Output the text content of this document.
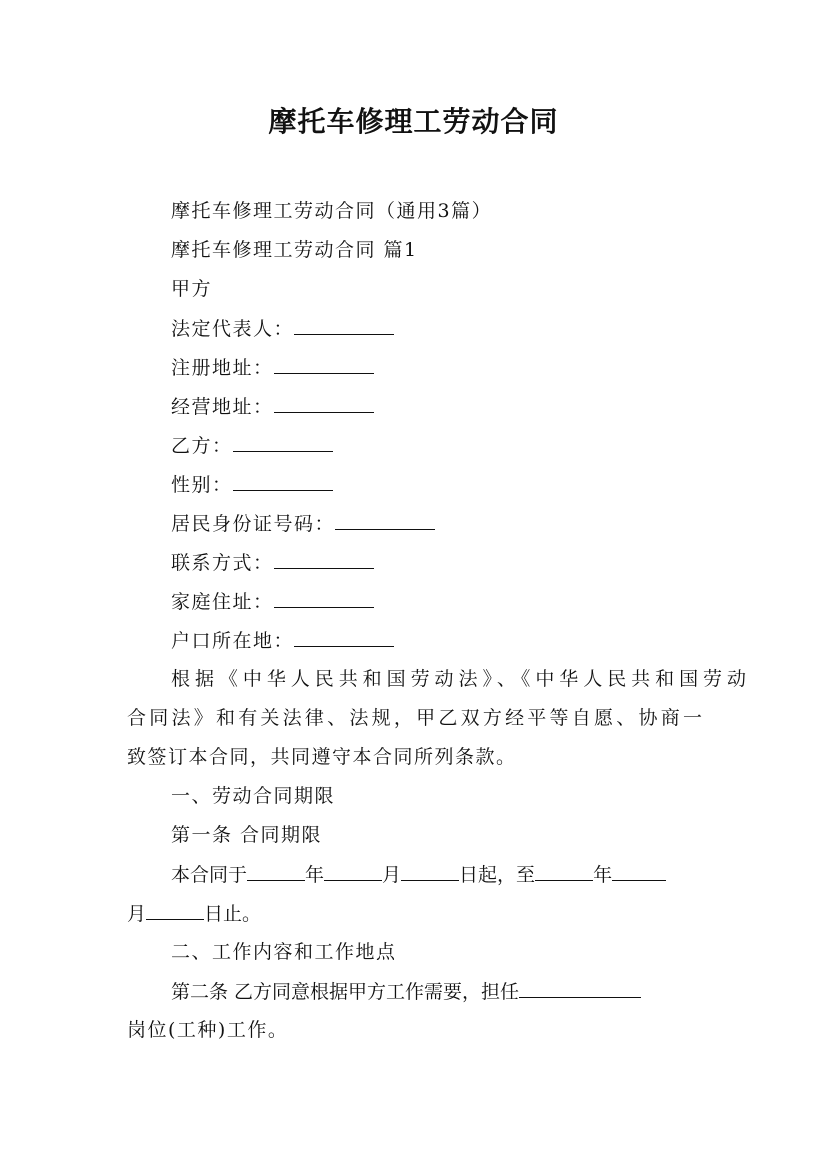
摩托车修理工劳动合同
摩托车修理工劳动合同（通用3篇）
摩托车修理工劳动合同 篇1
甲方
法定代表人：
注册地址：
经营地址：
乙方：
性别：
居民身份证号码：
联系方式：
家庭住址：
户口所在地：
根据《中华人民共和国劳动法》、《中华人民共和国劳动
合同法》和有关法律、法规，甲乙双方经平等自愿、协商一
致签订本合同，共同遵守本合同所列条款。
一、劳动合同期限
第一条 合同期限
本合同于	年	月	日起，至	年
月	日止。
二、工作内容和工作地点
第二条 乙方同意根据甲方工作需要，担任
岗位(工种)工作。
